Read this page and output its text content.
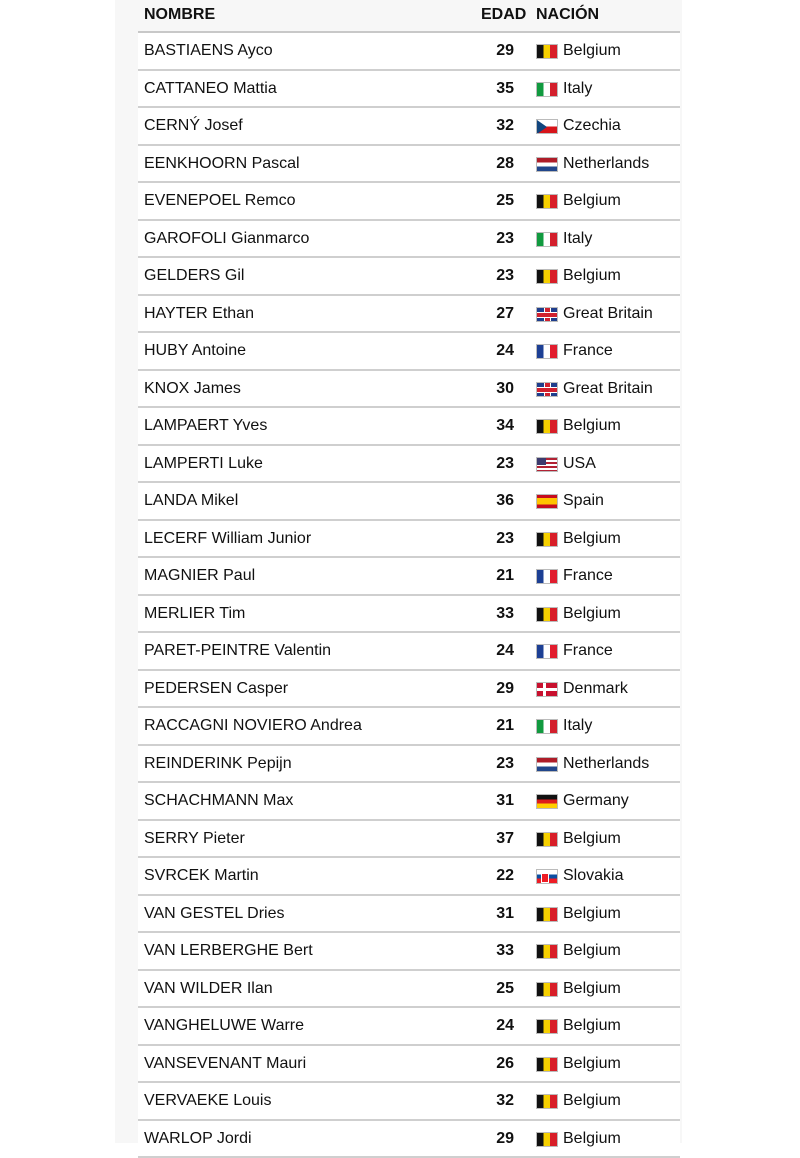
NOMBRE	EDAD NACIÓN
BASTIAENS Ayco	29	Belgium
CATTANEO Mattia	35	Italy
CERNÝ Josef	32	Czechia
EENKHOORN Pascal	28	Netherlands
EVENEPOEL Remco	25	Belgium
GAROFOLI Gianmarco	23	Italy
GELDERS Gil	23	Belgium
HAYTER Ethan	27	Great Britain
HUBY Antoine	24	France
KNOX James	30	Great Britain
LAMPAERT Yves	34	Belgium
LAMPERTI Luke	23	USA
LANDA Mikel	36	Spain
LECERF William Junior	23	Belgium
MAGNIER Paul	21	France
MERLIER Tim	33	Belgium
PARET-PEINTRE Valentin	24	France
PEDERSEN Casper	29	Denmark
RACCAGNI NOVIERO Andrea	21	Italy
REINDERINK Pepijn	23	Netherlands
SCHACHMANN Max	31	Germany
SERRY Pieter	37	Belgium
SVRCEK Martin	22	Slovakia
VAN GESTEL Dries	31	Belgium
VAN LERBERGHE Bert	33	Belgium
VAN WILDER Ilan	25	Belgium
VANGHELUWE Warre	24	Belgium
VANSEVENANT Mauri	26	Belgium
VERVAEKE Louis	32	Belgium
WARLOP Jordi	29	Belgium
